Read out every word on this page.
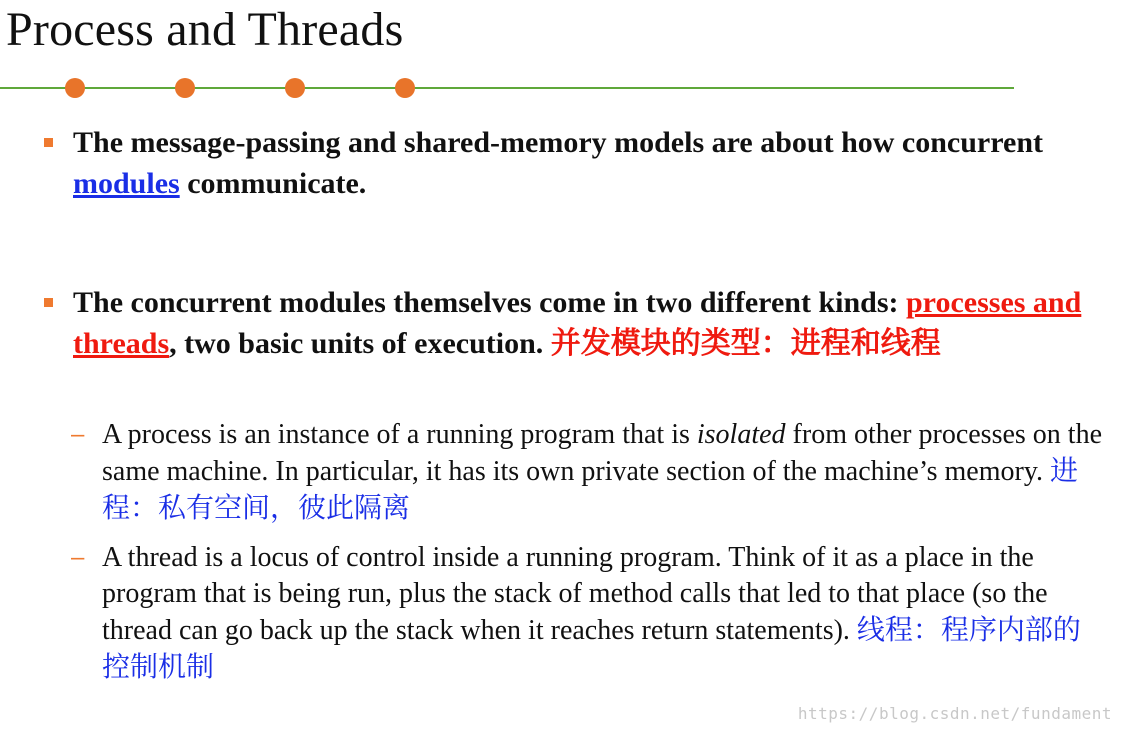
Process and Threads
The message-passing and shared-memory models are about how concurrent modules communicate.
The concurrent modules themselves come in two different kinds: processes and threads, two basic units of execution. 并发模块的类型：进程和线程
– A process is an instance of a running program that is isolated from other processes on the same machine. In particular, it has its own private section of the machine’s memory. 进程：私有空间，彼此隔离
– A thread is a locus of control inside a running program. Think of it as a place in the program that is being run, plus the stack of method calls that led to that place (so the thread can go back up the stack when it reaches return statements). 线程：程序内部的控制机制
https://blog.csdn.net/fundament
